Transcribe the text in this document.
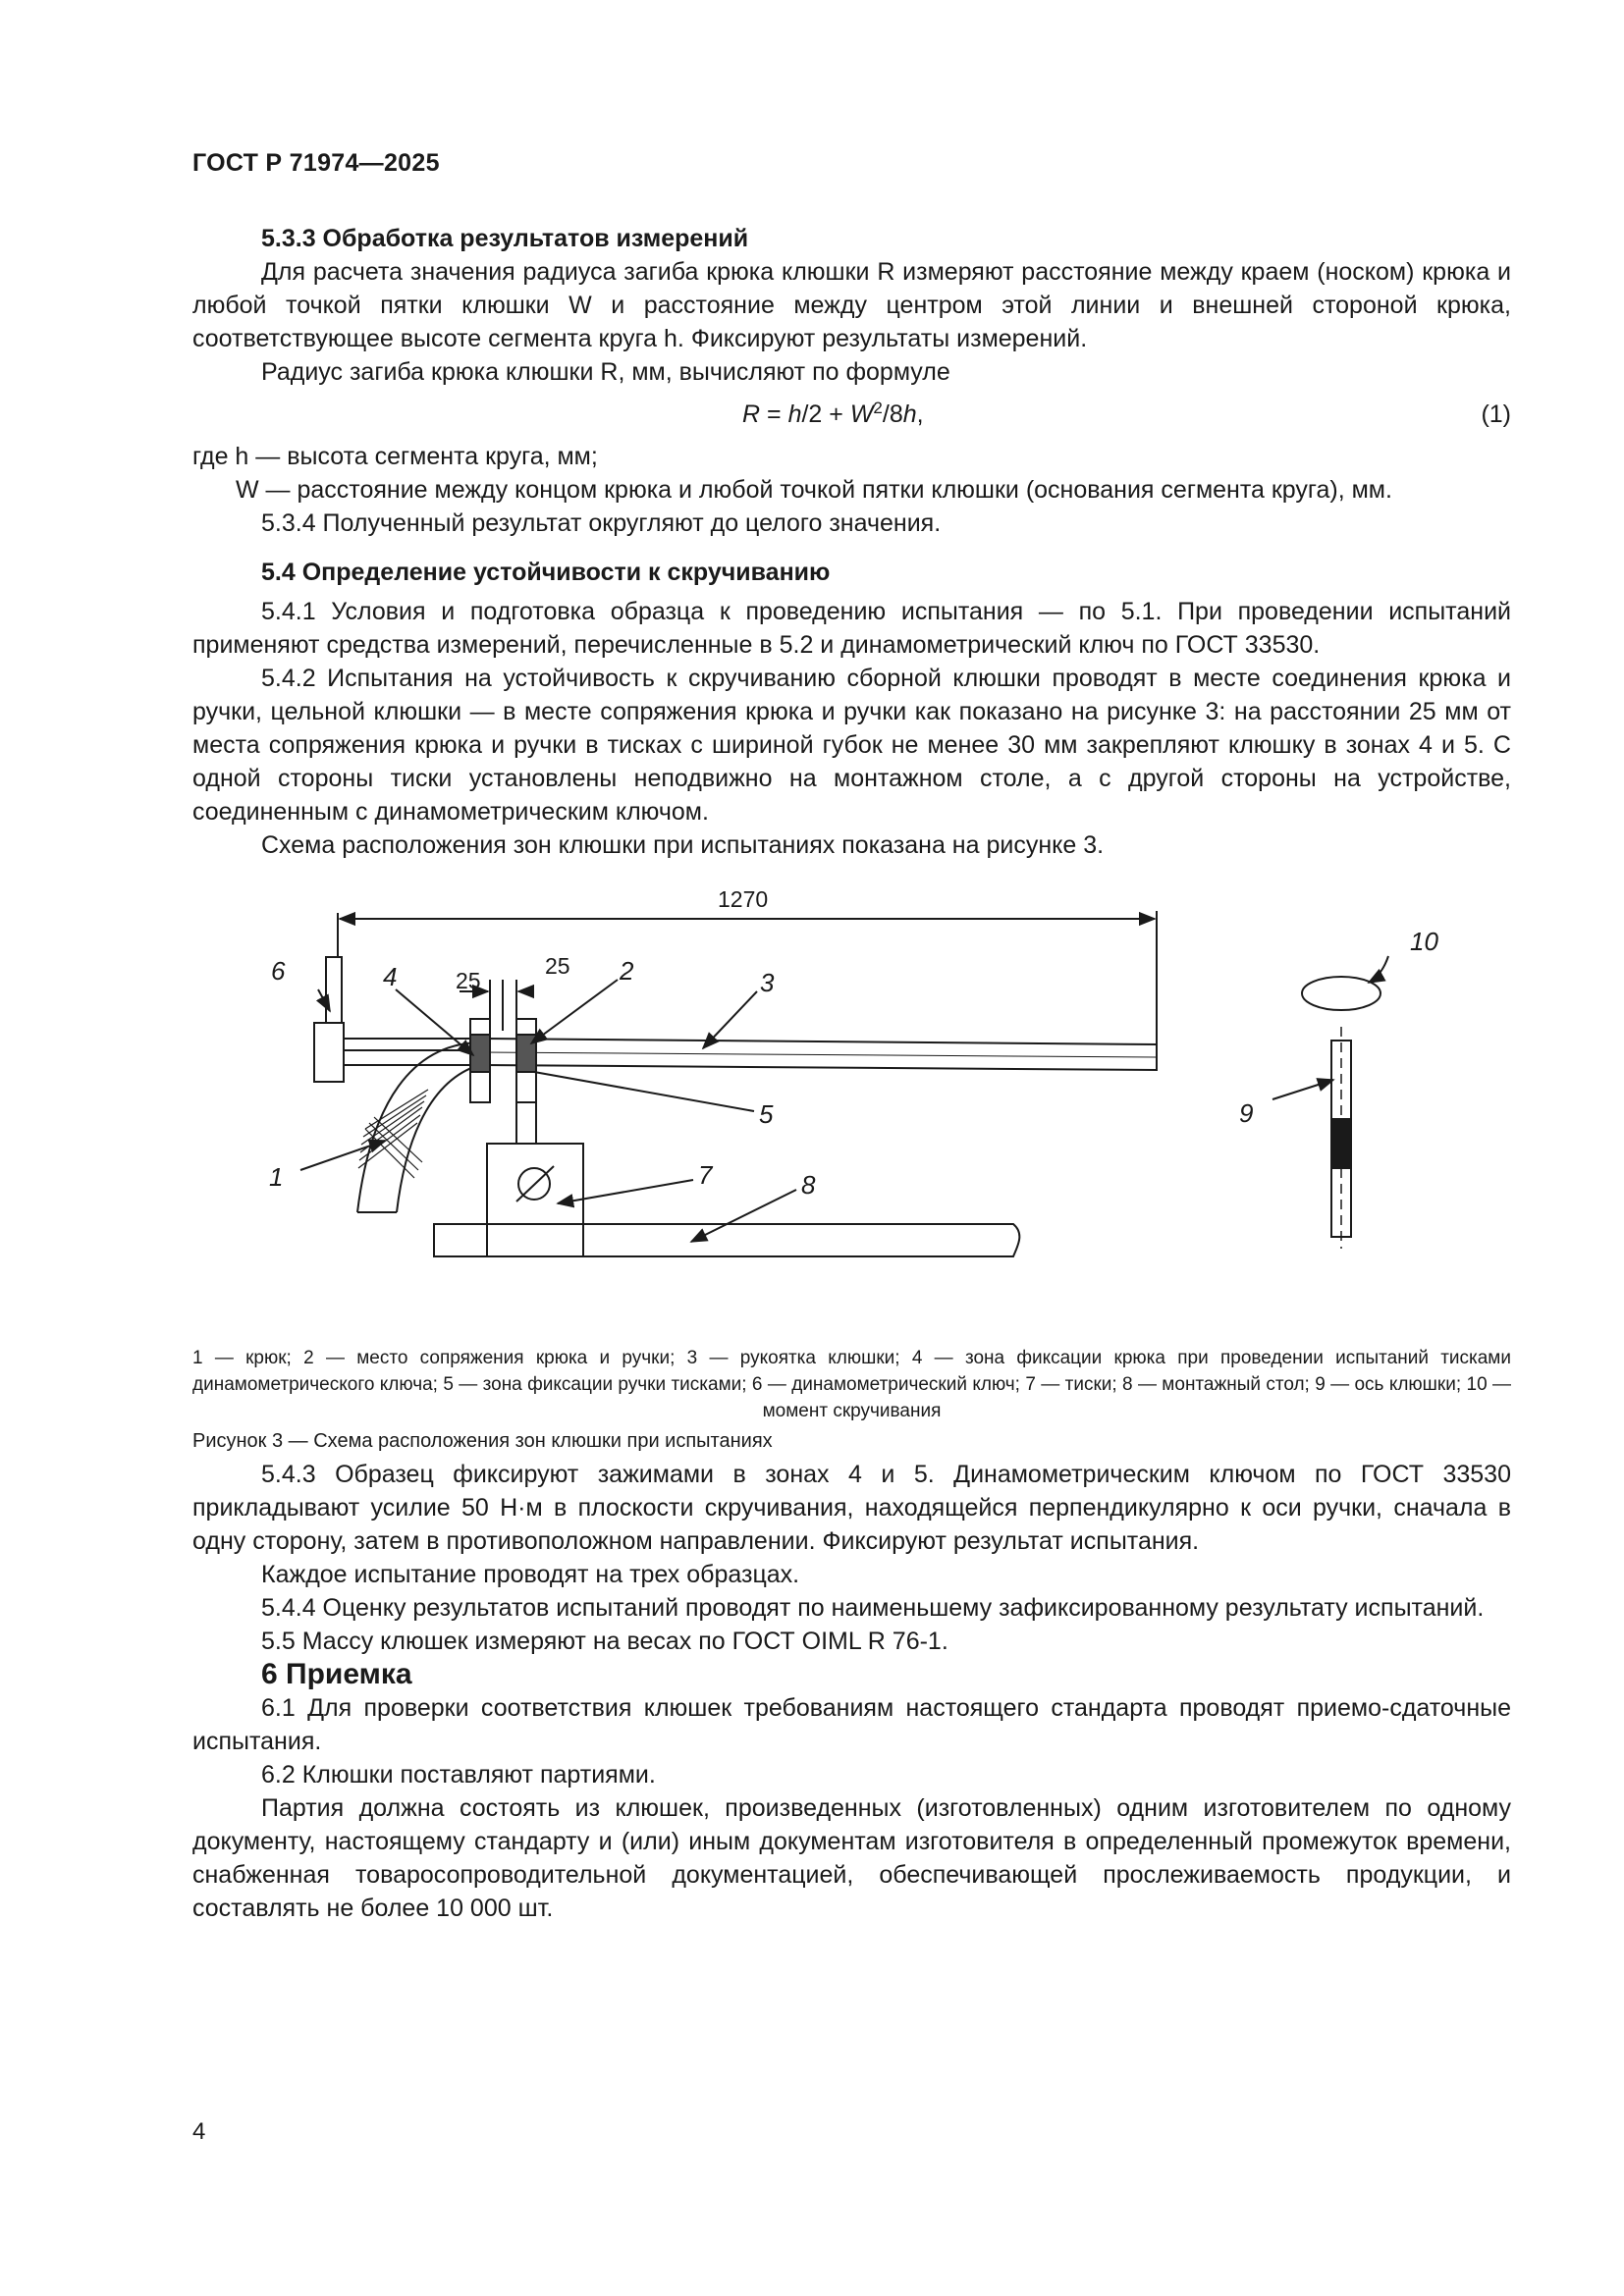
ГОСТ Р 71974—2025

5.3.3 Обработка результатов измерений

Для расчета значения радиуса загиба крюка клюшки R измеряют расстояние между краем (носком) крюка и любой точкой пятки клюшки W и расстояние между центром этой линии и внешней стороной крюка, соответствующее высоте сегмента круга h. Фиксируют результаты измерений.

Радиус загиба крюка клюшки R, мм, вычисляют по формуле

$R = h/2 + W^2/8h$,	(1)

где h — высота сегмента круга, мм;

W — расстояние между концом крюка и любой точкой пятки клюшки (основания сегмента круга), мм.

5.3.4 Полученный результат округляют до целого значения.

5.4 Определение устойчивости к скручиванию

5.4.1 Условия и подготовка образца к проведению испытания — по 5.1. При проведении испытаний применяют средства измерений, перечисленные в 5.2 и динамометрический ключ по ГОСТ 33530.

5.4.2 Испытания на устойчивость к скручиванию сборной клюшки проводят в месте соединения крюка и ручки, цельной клюшки — в месте сопряжения крюка и ручки как показано на рисунке 3: на расстоянии 25 мм от места сопряжения крюка и ручки в тисках с шириной губок не менее 30 мм закрепляют клюшку в зонах 4 и 5. С одной стороны тиски установлены неподвижно на монтажном столе, а с другой стороны на устройстве, соединенным с динамометрическим ключом.

Схема расположения зон клюшки при испытаниях показана на рисунке 3.

1270
25
25
1
2	3
4
5
6
7	8
9
10

1 — крюк; 2 — место сопряжения крюка и ручки; 3 — рукоятка клюшки; 4 — зона фиксации крюка при проведении испытаний тисками динамометрического ключа; 5 — зона фиксации ручки тисками; 6 — динамометрический ключ; 7 — тиски; 8 — монтажный стол; 9 — ось клюшки; 10 — момент скручивания

Рисунок 3 — Схема расположения зон клюшки при испытаниях

5.4.3 Образец фиксируют зажимами в зонах 4 и 5. Динамометрическим ключом по ГОСТ 33530 прикладывают усилие 50 Н·м в плоскости скручивания, находящейся перпендикулярно к оси ручки, сначала в одну сторону, затем в противоположном направлении. Фиксируют результат испытания.

Каждое испытание проводят на трех образцах.

5.4.4 Оценку результатов испытаний проводят по наименьшему зафиксированному результату испытаний.

5.5 Массу клюшек измеряют на весах по ГОСТ OIML R 76-1.

6 Приемка

6.1 Для проверки соответствия клюшек требованиям настоящего стандарта проводят приемо-сдаточные испытания.

6.2 Клюшки поставляют партиями.

Партия должна состоять из клюшек, произведенных (изготовленных) одним изготовителем по одному документу, настоящему стандарту и (или) иным документам изготовителя в определенный промежуток времени, снабженная товаросопроводительной документацией, обеспечивающей прослеживаемость продукции, и составлять не более 10 000 шт.

4
